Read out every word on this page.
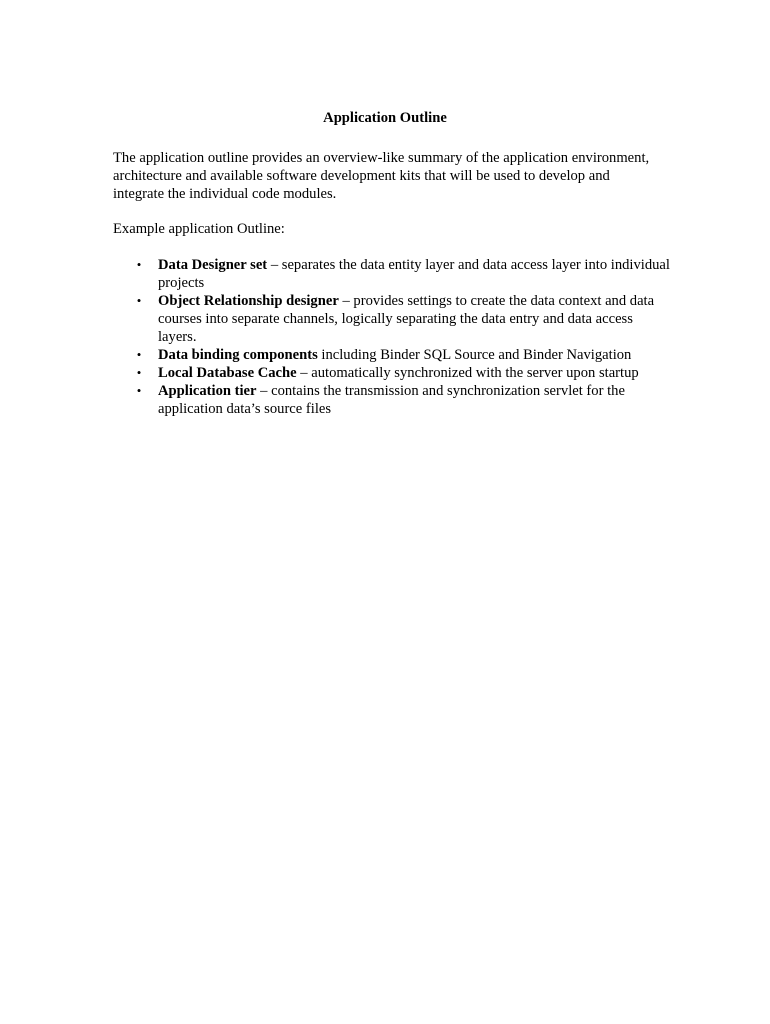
Application Outline

The application outline provides an overview-like summary of the application environment, architecture and available software development kits that will be used to develop and integrate the individual code modules.

Example application Outline:

• Data Designer set – separates the data entity layer and data access layer into individual projects
• Object Relationship designer – provides settings to create the data context and data courses into separate channels, logically separating the data entry and data access layers.
• Data binding components including Binder SQL Source and Binder Navigation
• Local Database Cache – automatically synchronized with the server upon startup
• Application tier – contains the transmission and synchronization servlet for the application data’s source files
